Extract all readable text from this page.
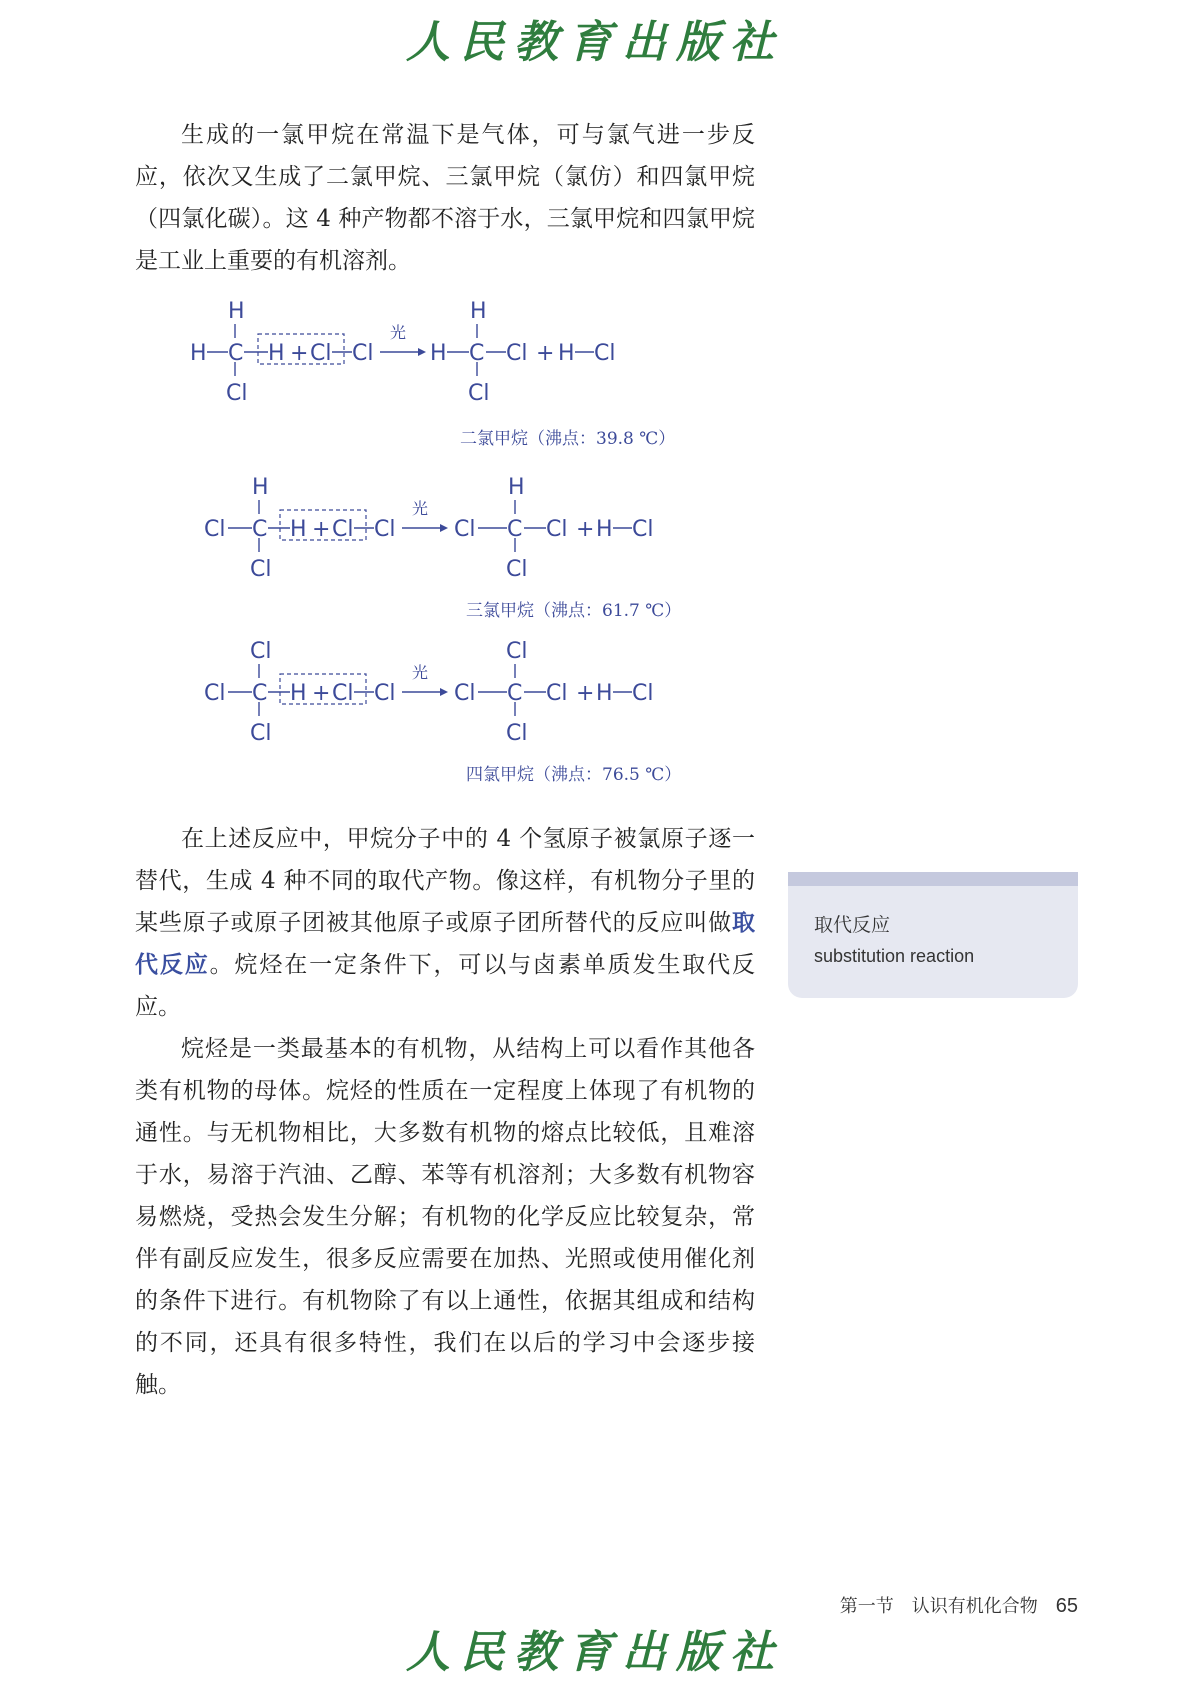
人民教育出版社

生成的一氯甲烷在常温下是气体，可与氯气进一步反应，依次又生成了二氯甲烷、三氯甲烷（氯仿）和四氯甲烷（四氯化碳）。这 4 种产物都不溶于水，三氯甲烷和四氯甲烷是工业上重要的有机溶剂。

H
H C
Cl
H + Cl Cl
光
H
H C
Cl
Cl + H Cl
二氯甲烷（沸点：39.8 ℃）
H
Cl C
Cl
H + Cl Cl
光
H
Cl C
Cl
Cl + H Cl
三氯甲烷（沸点：61.7 ℃）
Cl
Cl C
Cl
H + Cl Cl
光
Cl
Cl C
Cl
Cl + H Cl
四氯甲烷（沸点：76.5 ℃）

在上述反应中，甲烷分子中的 4 个氢原子被氯原子逐一替代，生成 4 种不同的取代产物。像这样，有机物分子里的某些原子或原子团被其他原子或原子团所替代的反应叫做取代反应。烷烃在一定条件下，可以与卤素单质发生取代反应。

取代反应
substitution reaction

烷烃是一类最基本的有机物，从结构上可以看作其他各类有机物的母体。烷烃的性质在一定程度上体现了有机物的通性。与无机物相比，大多数有机物的熔点比较低，且难溶于水，易溶于汽油、乙醇、苯等有机溶剂；大多数有机物容易燃烧，受热会发生分解；有机物的化学反应比较复杂，常伴有副反应发生，很多反应需要在加热、光照或使用催化剂的条件下进行。有机物除了有以上通性，依据其组成和结构的不同，还具有很多特性，我们在以后的学习中会逐步接触。

第一节　认识有机化合物 65
人民教育出版社
